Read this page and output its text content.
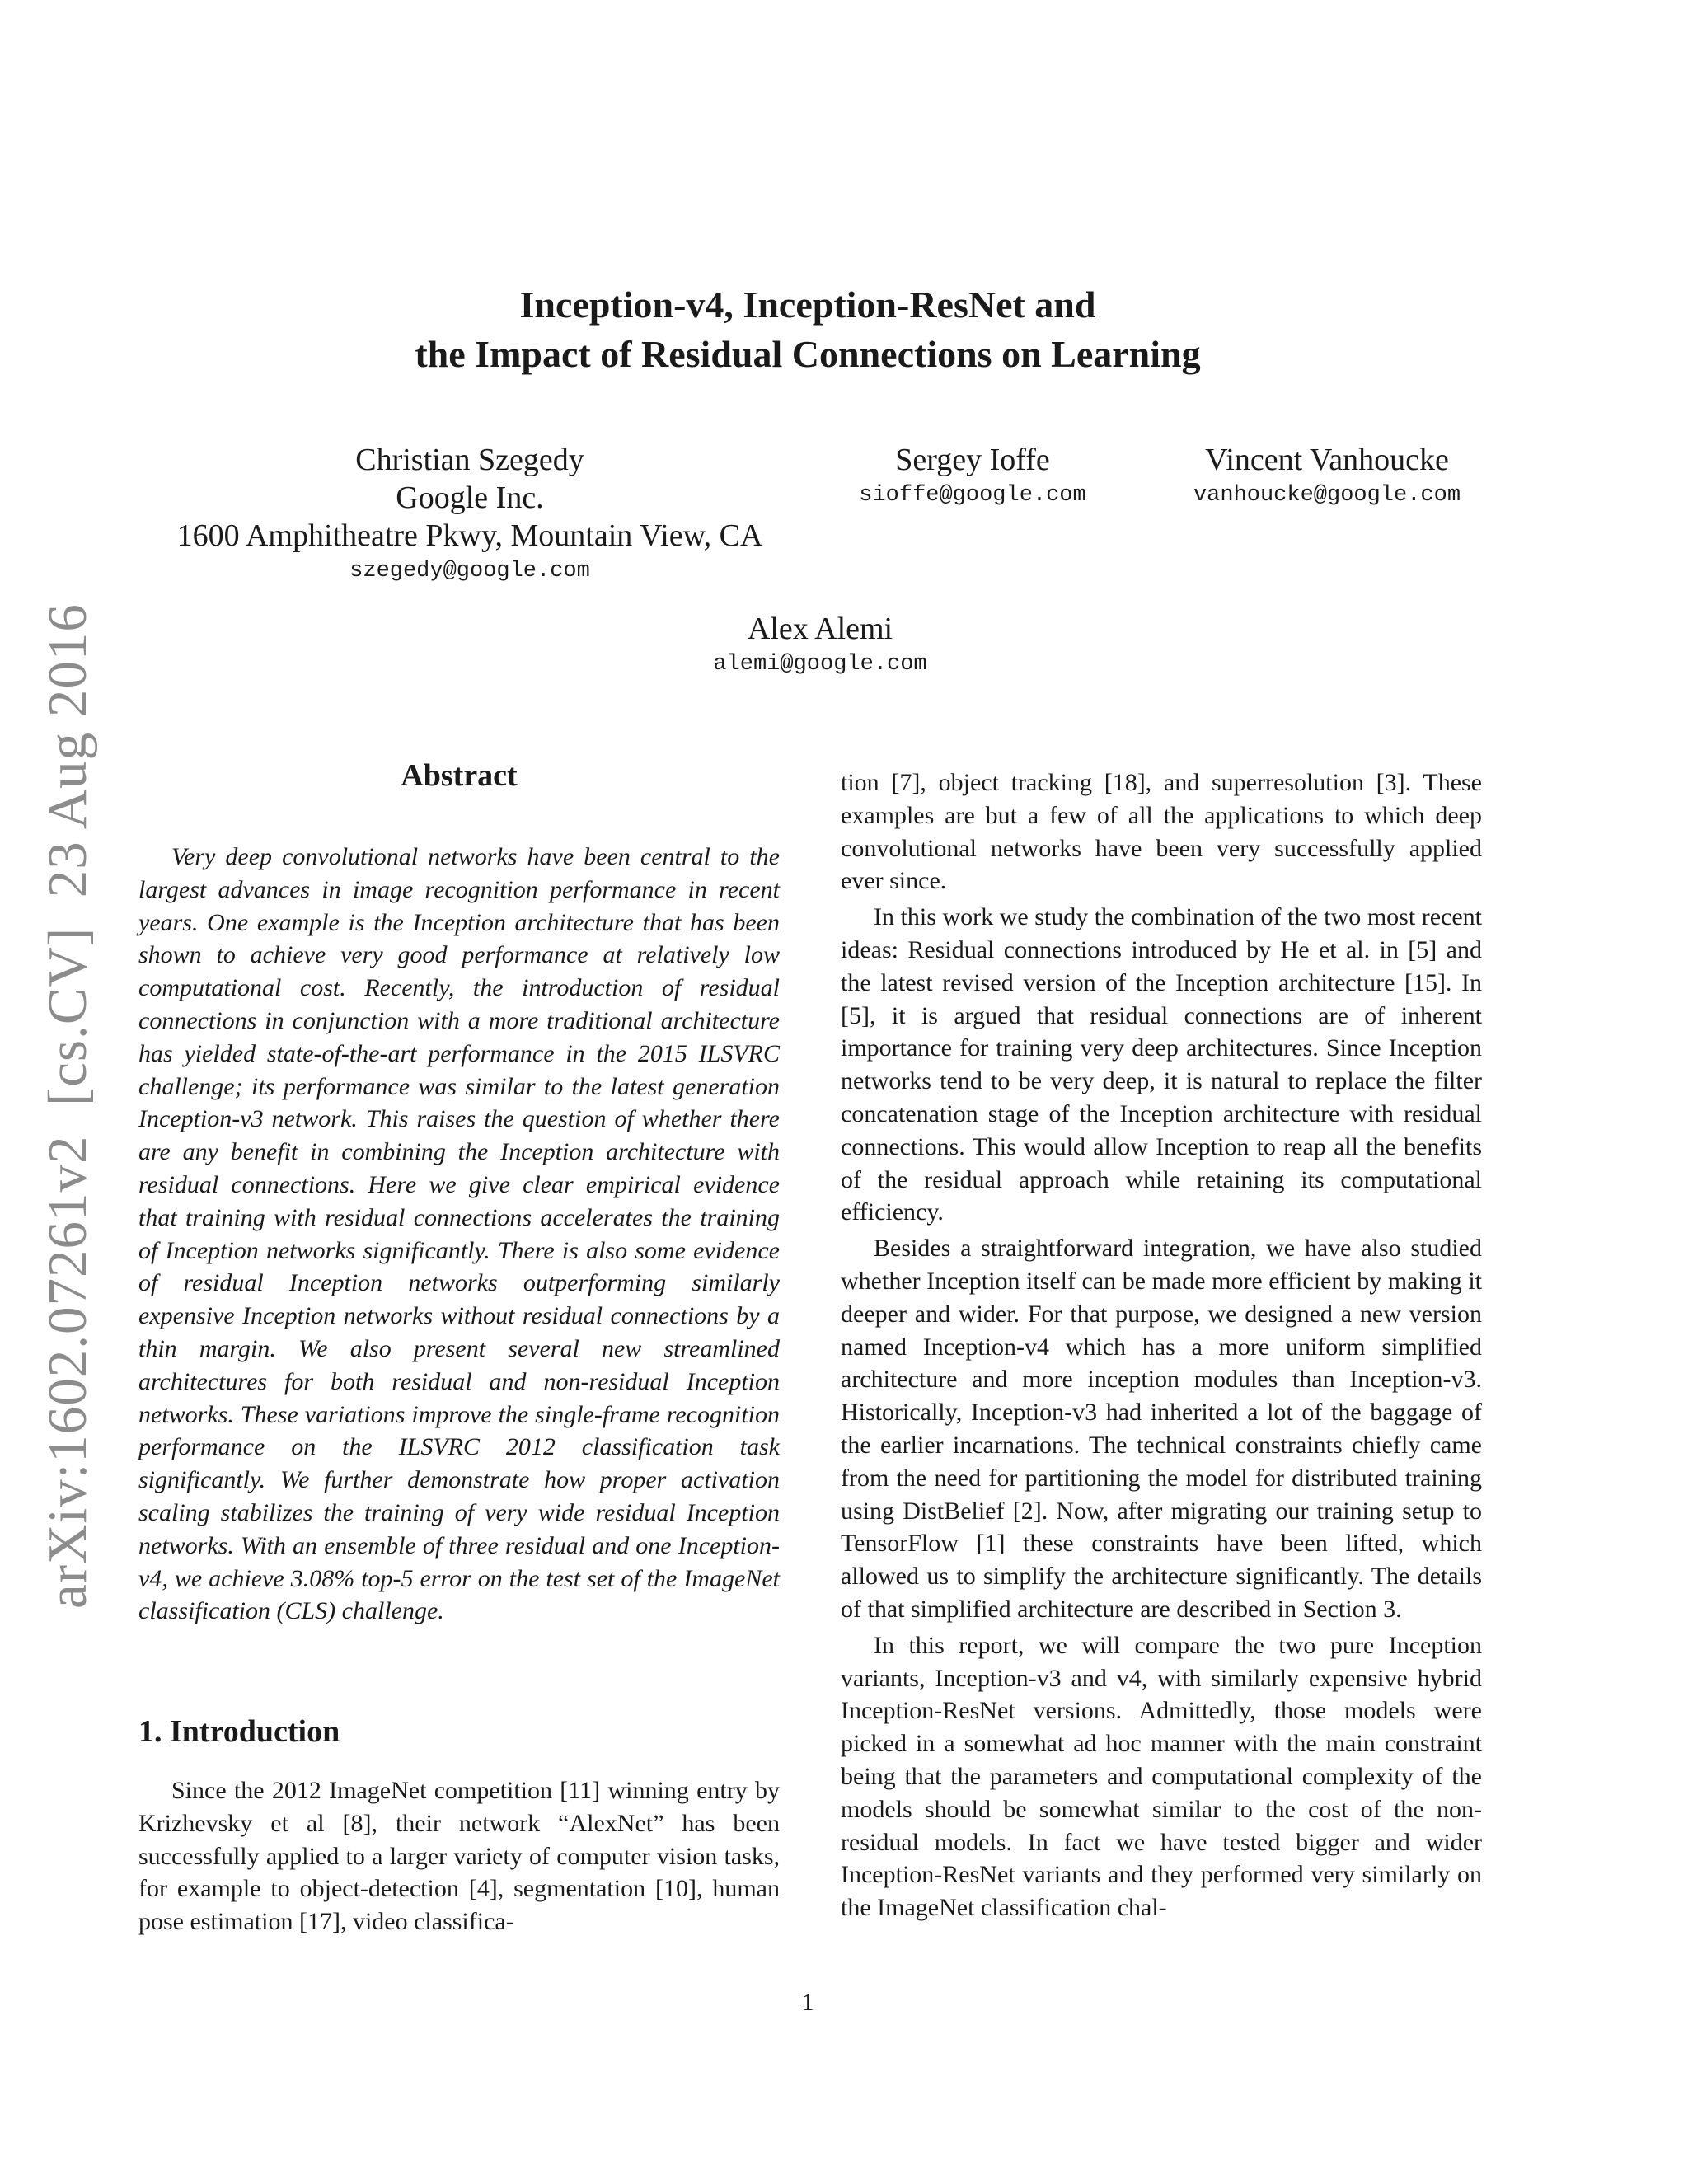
arXiv:1602.07261v2  [cs.CV]  23 Aug 2016
Inception-v4, Inception-ResNet and
the Impact of Residual Connections on Learning
Christian Szegedy
Google Inc.
1600 Amphitheatre Pkwy, Mountain View, CA
szegedy@google.com
Sergey Ioffe
sioffe@google.com
Vincent Vanhoucke
vanhoucke@google.com
Alex Alemi
alemi@google.com
Abstract

Very deep convolutional networks have been central to the largest advances in image recognition performance in recent years. One example is the Inception architecture that has been shown to achieve very good performance at relatively low computational cost. Recently, the introduction of residual connections in conjunction with a more traditional architecture has yielded state-of-the-art performance in the 2015 ILSVRC challenge; its performance was similar to the latest generation Inception-v3 network. This raises the question of whether there are any benefit in combining the Inception architecture with residual connections. Here we give clear empirical evidence that training with residual connections accelerates the training of Inception networks significantly. There is also some evidence of residual Inception networks outperforming similarly expensive Inception networks without residual connections by a thin margin. We also present several new streamlined architectures for both residual and non-residual Inception networks. These variations improve the single-frame recognition performance on the ILSVRC 2012 classification task significantly. We further demonstrate how proper activation scaling stabilizes the training of very wide residual Inception networks. With an ensemble of three residual and one Inception-v4, we achieve 3.08% top-5 error on the test set of the ImageNet classification (CLS) challenge.

1. Introduction

Since the 2012 ImageNet competition [11] winning entry by Krizhevsky et al [8], their network “AlexNet” has been successfully applied to a larger variety of computer vision tasks, for example to object-detection [4], segmentation [10], human pose estimation [17], video classifica-

tion [7], object tracking [18], and superresolution [3]. These examples are but a few of all the applications to which deep convolutional networks have been very successfully applied ever since.

In this work we study the combination of the two most recent ideas: Residual connections introduced by He et al. in [5] and the latest revised version of the Inception architecture [15]. In [5], it is argued that residual connections are of inherent importance for training very deep architectures. Since Inception networks tend to be very deep, it is natural to replace the filter concatenation stage of the Inception architecture with residual connections. This would allow Inception to reap all the benefits of the residual approach while retaining its computational efficiency.

Besides a straightforward integration, we have also studied whether Inception itself can be made more efficient by making it deeper and wider. For that purpose, we designed a new version named Inception-v4 which has a more uniform simplified architecture and more inception modules than Inception-v3. Historically, Inception-v3 had inherited a lot of the baggage of the earlier incarnations. The technical constraints chiefly came from the need for partitioning the model for distributed training using DistBelief [2]. Now, after migrating our training setup to TensorFlow [1] these constraints have been lifted, which allowed us to simplify the architecture significantly. The details of that simplified architecture are described in Section 3.

In this report, we will compare the two pure Inception variants, Inception-v3 and v4, with similarly expensive hybrid Inception-ResNet versions. Admittedly, those models were picked in a somewhat ad hoc manner with the main constraint being that the parameters and computational complexity of the models should be somewhat similar to the cost of the non-residual models. In fact we have tested bigger and wider Inception-ResNet variants and they performed very similarly on the ImageNet classification chal-

1
